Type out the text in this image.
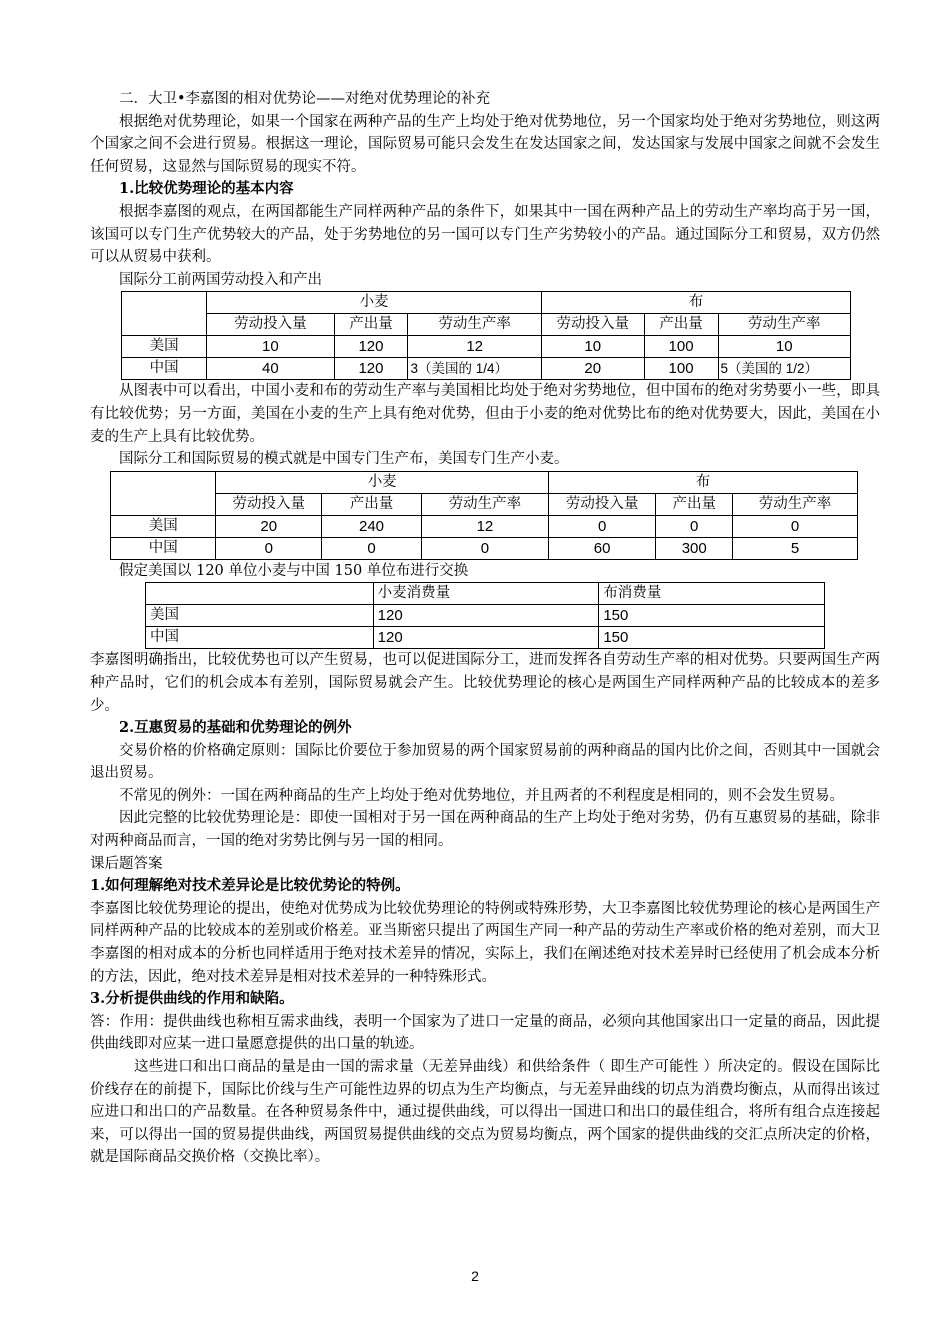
二．大卫•李嘉图的相对优势论——对绝对优势理论的补充

根据绝对优势理论，如果一个国家在两种产品的生产上均处于绝对优势地位，另一个国家均处于绝对劣势地位，则这两个国家之间不会进行贸易。根据这一理论，国际贸易可能只会发生在发达国家之间，发达国家与发展中国家之间就不会发生任何贸易，这显然与国际贸易的现实不符。

1.比较优势理论的基本内容

根据李嘉图的观点，在两国都能生产同样两种产品的条件下，如果其中一国在两种产品上的劳动生产率均高于另一国，该国可以专门生产优势较大的产品，处于劣势地位的另一国可以专门生产劣势较小的产品。通过国际分工和贸易，双方仍然可以从贸易中获利。

国际分工前两国劳动投入和产出

	小麦			布		
	劳动投入量	产出量	劳动生产率	劳动投入量	产出量	劳动生产率
美国	10	120	12	10	100	10
中国	40	120	3（美国的 1/4）	20	100	5（美国的 1/2）

从图表中可以看出，中国小麦和布的劳动生产率与美国相比均处于绝对劣势地位，但中国布的绝对劣势要小一些，即具有比较优势；另一方面，美国在小麦的生产上具有绝对优势，但由于小麦的绝对优势比布的绝对优势要大，因此，美国在小麦的生产上具有比较优势。

国际分工和国际贸易的模式就是中国专门生产布，美国专门生产小麦。

	小麦			布		
	劳动投入量	产出量	劳动生产率	劳动投入量	产出量	劳动生产率
美国	20	240	12	0	0	0
中国	0	0	0	60	300	5

假定美国以 120 单位小麦与中国 150 单位布进行交换

	小麦消费量	布消费量
美国	120	150
中国	120	150

李嘉图明确指出，比较优势也可以产生贸易，也可以促进国际分工，进而发挥各自劳动生产率的相对优势。只要两国生产两种产品时，它们的机会成本有差别，国际贸易就会产生。比较优势理论的核心是两国生产同样两种产品的比较成本的差多少。

2.互惠贸易的基础和优势理论的例外

交易价格的价格确定原则：国际比价要位于参加贸易的两个国家贸易前的两种商品的国内比价之间，否则其中一国就会退出贸易。

不常见的例外：一国在两种商品的生产上均处于绝对优势地位，并且两者的不利程度是相同的，则不会发生贸易。

因此完整的比较优势理论是：即使一国相对于另一国在两种商品的生产上均处于绝对劣势，仍有互惠贸易的基础，除非对两种商品而言，一国的绝对劣势比例与另一国的相同。

课后题答案

1.如何理解绝对技术差异论是比较优势论的特例。

李嘉图比较优势理论的提出，使绝对优势成为比较优势理论的特例或特殊形势，大卫李嘉图比较优势理论的核心是两国生产同样两种产品的比较成本的差别或价格差。亚当斯密只提出了两国生产同一种产品的劳动生产率或价格的绝对差别，而大卫李嘉图的相对成本的分析也同样适用于绝对技术差异的情况，实际上，我们在阐述绝对技术差异时已经使用了机会成本分析的方法，因此，绝对技术差异是相对技术差异的一种特殊形式。

3.分析提供曲线的作用和缺陷。

答：作用：提供曲线也称相互需求曲线，表明一个国家为了进口一定量的商品，必须向其他国家出口一定量的商品，因此提供曲线即对应某一进口量愿意提供的出口量的轨迹。

这些进口和出口商品的量是由一国的需求量（无差异曲线）和供给条件（ 即生产可能性 ）所决定的。假设在国际比价线存在的前提下，国际比价线与生产可能性边界的切点为生产均衡点，与无差异曲线的切点为消费均衡点，从而得出该过应进口和出口的产品数量。在各种贸易条件中，通过提供曲线，可以得出一国进口和出口的最佳组合，将所有组合点连接起来，可以得出一国的贸易提供曲线，两国贸易提供曲线的交点为贸易均衡点，两个国家的提供曲线的交汇点所决定的价格，就是国际商品交换价格（交换比率）。

2
